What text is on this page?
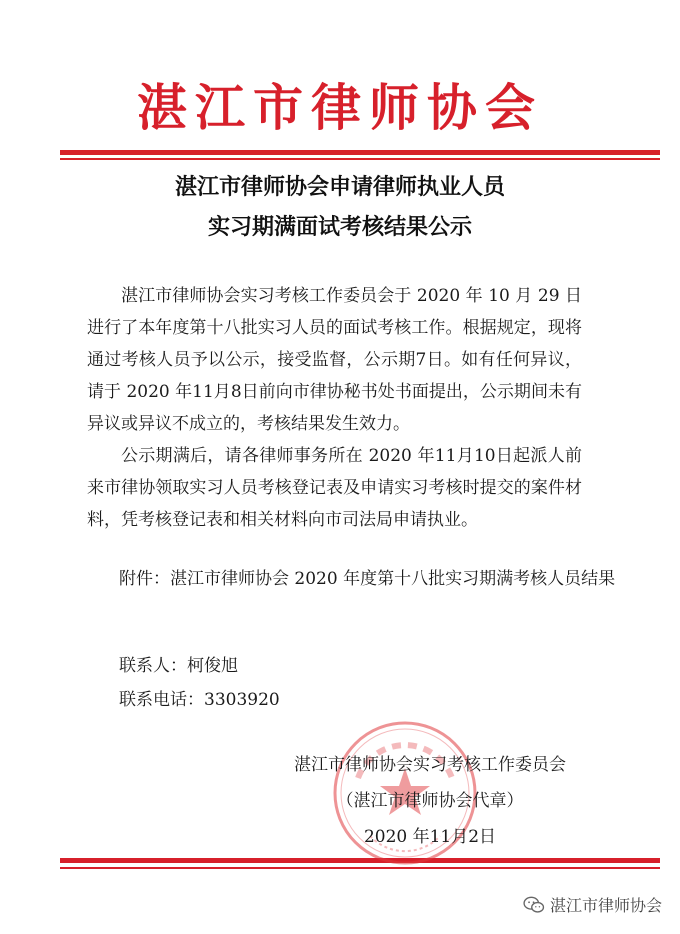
湛江市律师协会
湛江市律师协会申请律师执业人员
实习期满面试考核结果公示

湛江市律师协会实习考核工作委员会于 2020 年 10 月 29 日进行了本年度第十八批实习人员的面试考核工作。根据规定，现将通过考核人员予以公示，接受监督，公示期7日。如有任何异议，请于 2020 年11月8日前向市律协秘书处书面提出，公示期间未有异议或异议不成立的，考核结果发生效力。

公示期满后，请各律师事务所在 2020 年11月10日起派人前来市律协领取实习人员考核登记表及申请实习考核时提交的案件材料，凭考核登记表和相关材料向市司法局申请执业。

附件：湛江市律师协会 2020 年度第十八批实习期满考核人员结果

联系人：柯俊旭
联系电话：3303920
湛江市律师协会实习考核工作委员会
（湛江市律师协会代章）
2020 年11月2日
湛江市律师协会
